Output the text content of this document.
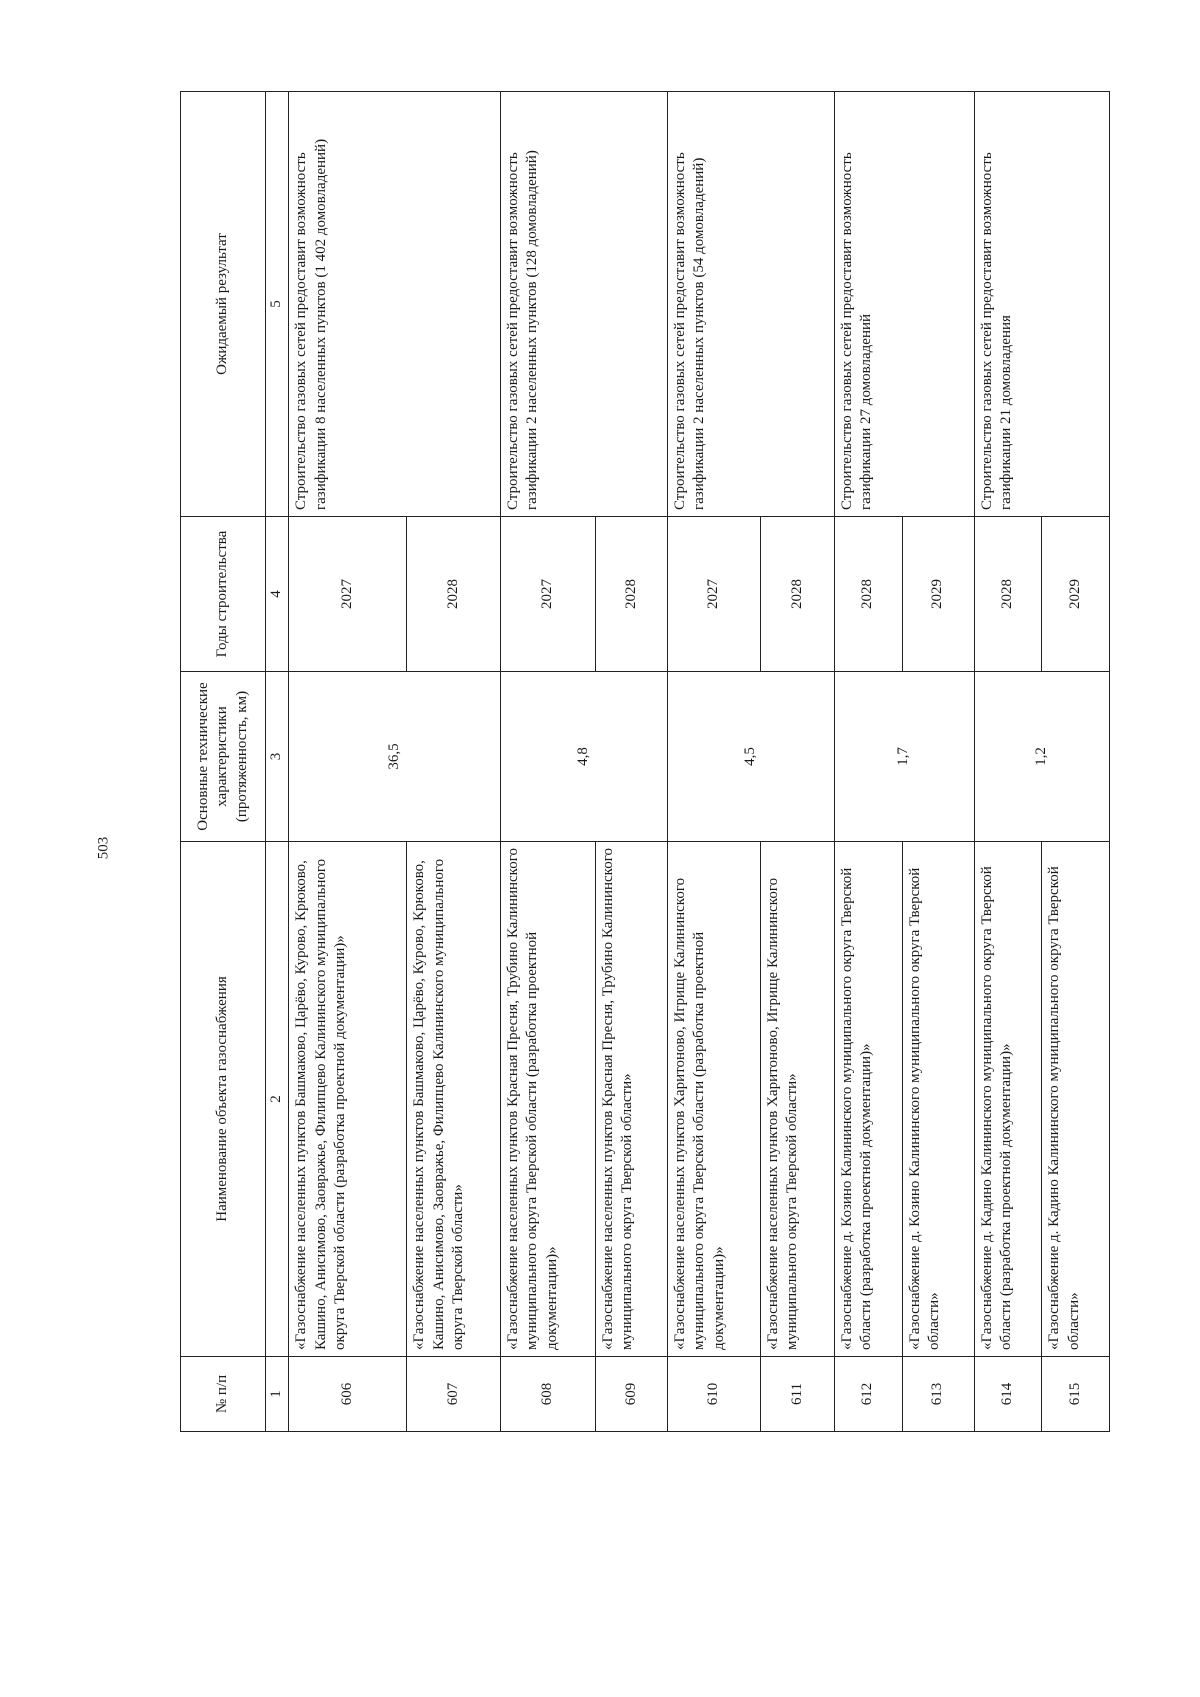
503
№ п/п	Наименование объекта газоснабжения	Основные технические характеристики (протяженность, км)	Годы строительства	Ожидаемый результат
1	2	3	4	5
606	«Газоснабжение населенных пунктов Башмаково, Царёво, Курово, Крюково, Кашино, Анисимово, Заовражье, Филипцево Калининского муниципального округа Тверской области (разработка проектной документации)»	36,5	2027	Строительство газовых сетей предоставит возможность газификации 8 населенных пунктов (1 402 домовладений)
607	«Газоснабжение населенных пунктов Башмаково, Царёво, Курово, Крюково, Кашино, Анисимово, Заовражье, Филипцево Калининского муниципального округа Тверской области»		2028	
608	«Газоснабжение населенных пунктов Красная Пресня, Трубино Калининского муниципального округа Тверской области (разработка проектной документации)»	4,8	2027	Строительство газовых сетей предоставит возможность газификации 2 населенных пунктов (128 домовладений)
609	«Газоснабжение населенных пунктов Красная Пресня, Трубино Калининского муниципального округа Тверской области»		2028	
610	«Газоснабжение населенных пунктов Харитоново, Игрище Калининского муниципального округа Тверской области (разработка проектной документации)»	4,5	2027	Строительство газовых сетей предоставит возможность газификации 2 населенных пунктов (54 домовладений)
611	«Газоснабжение населенных пунктов Харитоново, Игрище Калининского муниципального округа Тверской области»		2028	
612	«Газоснабжение д. Козино Калининского муниципального округа Тверской области (разработка проектной документации)»	1,7	2028	Строительство газовых сетей предоставит возможность газификации 27 домовладений
613	«Газоснабжение д. Козино Калининского муниципального округа Тверской области»		2029	
614	«Газоснабжение д. Кадино Калининского муниципального округа Тверской области (разработка проектной документации)»	1,2	2028	Строительство газовых сетей предоставит возможность газификации 21 домовладения
615	«Газоснабжение д. Кадино Калининского муниципального округа Тверской области»		2029	
